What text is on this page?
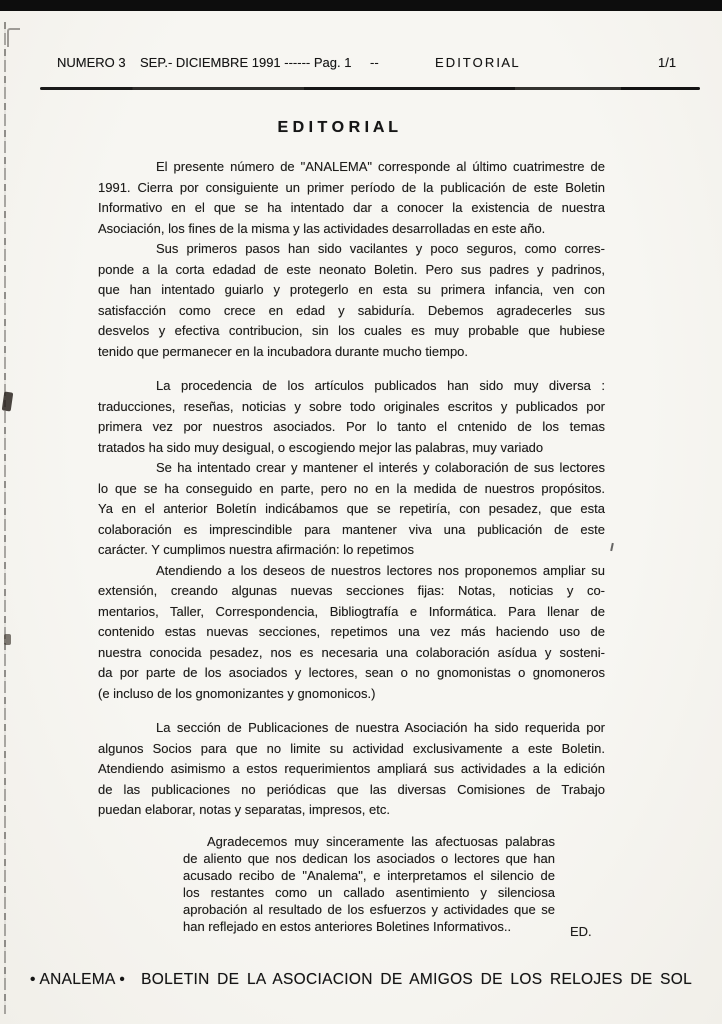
NUMERO 3 SEP.- DICIEMBRE 1991 ------ Pag. 1 --	E D I T O R I A L	1/1
E D I T O R I A L
El presente número de "ANALEMA" corresponde al último cuatrimestre de
1991. Cierra por consiguiente un primer período de la publicación de este Boletin
Informativo en el que se ha intentado dar a conocer la existencia de nuestra
Asociación, los fines de la misma y las actividades desarrolladas en este año.
Sus primeros pasos han sido vacilantes y poco seguros, como corres-
ponde a la corta edadad de este neonato Boletin. Pero sus padres y padrinos,
que han intentado guiarlo y protegerlo en esta su primera infancia, ven con
satisfacción como crece en edad y sabiduría. Debemos agradecerles sus
desvelos y efectiva contribucion, sin los cuales es muy probable que hubiese
tenido que permanecer en la incubadora durante mucho tiempo.
La procedencia de los artículos publicados han sido muy diversa :
traducciones, reseñas, noticias y sobre todo originales escritos y publicados por
primera vez por nuestros asociados. Por lo tanto el cntenido de los temas
tratados ha sido muy desigual, o escogiendo mejor las palabras, muy variado
Se ha intentado crear y mantener el interés y colaboración de sus lectores
lo que se ha conseguido en parte, pero no en la medida de nuestros propósitos.
Ya en el anterior Boletín indicábamos que se repetiría, con pesadez, que esta
colaboración es imprescindible para mantener viva una publicación de este
carácter. Y cumplimos nuestra afirmación: lo repetimos
Atendiendo a los deseos de nuestros lectores nos proponemos ampliar su
extensión, creando algunas nuevas secciones fijas: Notas, noticias y co-
mentarios, Taller, Correspondencia, Bibliogtrafía e Informática. Para llenar de
contenido estas nuevas secciones, repetimos una vez más haciendo uso de
nuestra conocida pesadez, nos es necesaria una colaboración asídua y sosteni-
da por parte de los asociados y lectores, sean o no gnomonistas o gnomoneros
(e incluso de los gnomonizantes y gnomonicos.)
La sección de Publicaciones de nuestra Asociación ha sido requerida por
algunos Socios para que no limite su actividad exclusivamente a este Boletin.
Atendiendo asimismo a estos requerimientos ampliará sus actividades a la edición
de las publicaciones no periódicas que las diversas Comisiones de Trabajo
puedan elaborar, notas y separatas, impresos, etc.
Agradecemos muy sinceramente las afectuosas palabras
de aliento que nos dedican los asociados o lectores que han
acusado recibo de "Analema", e interpretamos el silencio de
los restantes como un callado asentimiento y silenciosa
aprobación al resultado de los esfuerzos y actividades que se
han reflejado en estos anteriores Boletines Informativos..	ED.
• ANALEMA • BOLETIN DE LA ASOCIACION DE AMIGOS DE LOS RELOJES DE SOL
